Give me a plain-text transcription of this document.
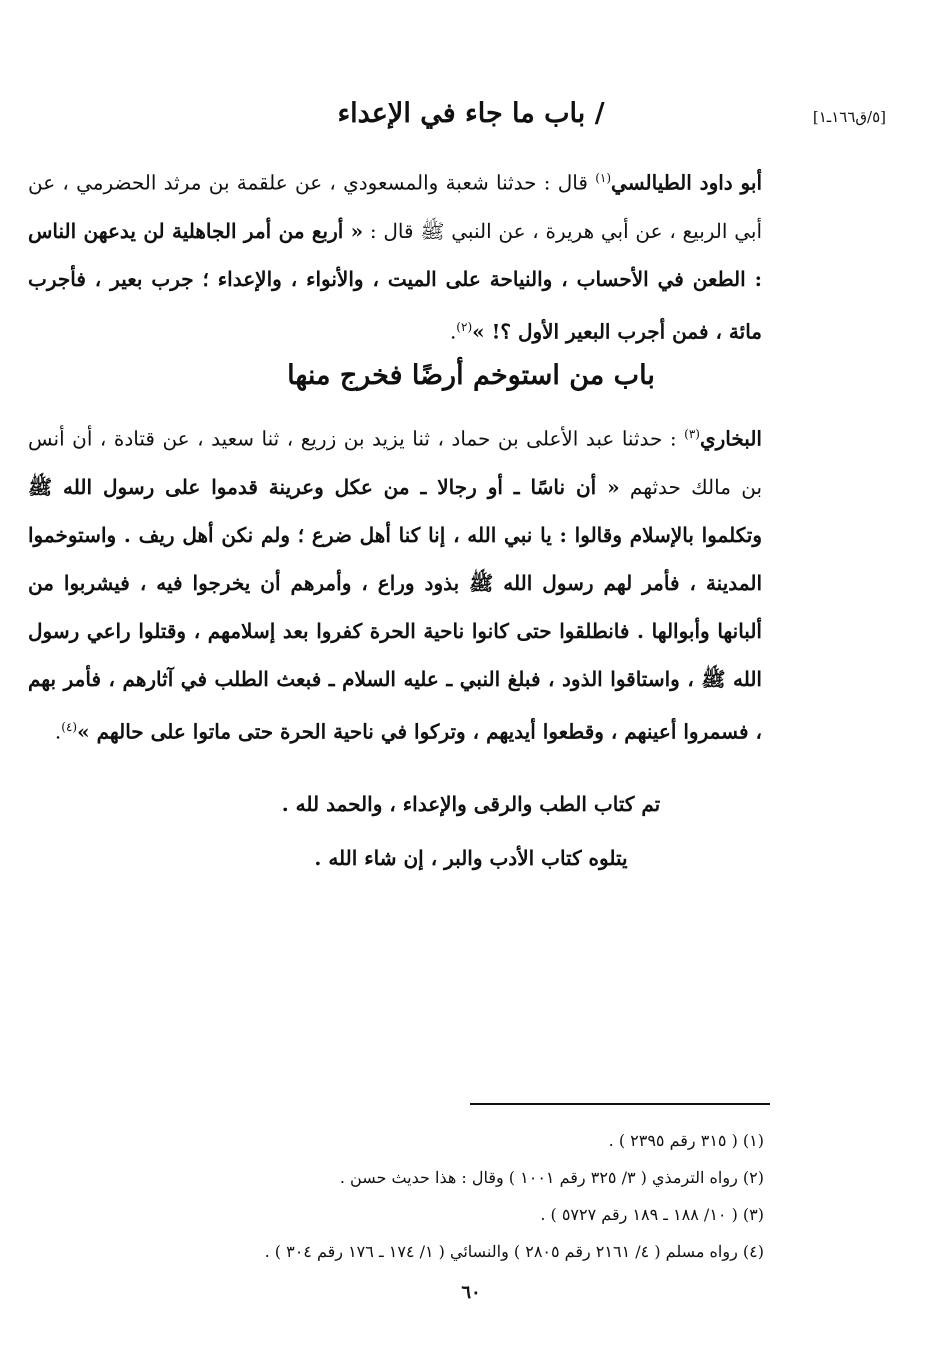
[٥/ق١٦٦ـ١]
/ باب ما جاء في الإعداء
أبو داود الطيالسي$^{(١)}$ قال : حدثنا شعبة والمسعودي ، عن علقمة بن مرثد الحضرمي ، عن أبي الربيع ، عن أبي هريرة ، عن النبي ﷺ قال : « أربع من أمر الجاهلية لن يدعهن الناس : الطعن في الأحساب ، والنياحة على الميت ، والأنواء ، والإعداء ؛ جرب بعير ، فأجرب مائة ، فمن أجرب البعير الأول ؟! »$^{(٢)}$.
باب من استوخم أرضًا فخرج منها
البخاري$^{(٣)}$ : حدثنا عبد الأعلى بن حماد ، ثنا يزيد بن زريع ، ثنا سعيد ، عن قتادة ، أن أنس بن مالك حدثهم « أن ناسًا ـ أو رجالا ـ من عكل وعرينة قدموا على رسول الله ﷺ وتكلموا بالإسلام وقالوا : يا نبي الله ، إنا كنا أهل ضرع ؛ ولم نكن أهل ريف . واستوخموا المدينة ، فأمر لهم رسول الله ﷺ بذود وراع ، وأمرهم أن يخرجوا فيه ، فيشربوا من ألبانها وأبوالها . فانطلقوا حتى كانوا ناحية الحرة كفروا بعد إسلامهم ، وقتلوا راعي رسول الله ﷺ ، واستاقوا الذود ، فبلغ النبي ـ عليه السلام ـ فبعث الطلب في آثارهم ، فأمر بهم ، فسمروا أعينهم ، وقطعوا أيديهم ، وتركوا في ناحية الحرة حتى ماتوا على حالهم »$^{(٤)}$.
تم كتاب الطب والرقى والإعداء ، والحمد لله .
يتلوه كتاب الأدب والبر ، إن شاء الله .
(١) ( ٣١٥ رقم ٢٣٩٥ ) .
(٢) رواه الترمذي ( ٣/ ٣٢٥ رقم ١٠٠١ ) وقال : هذا حديث حسن .
(٣) ( ١٠/ ١٨٨ ـ ١٨٩ رقم ٥٧٢٧ ) .
(٤) رواه مسلم ( ٤/ ٢١٦١ رقم ٢٨٠٥ ) والنسائي ( ١/ ١٧٤ ـ ١٧٦ رقم ٣٠٤ ) .
٦٠
